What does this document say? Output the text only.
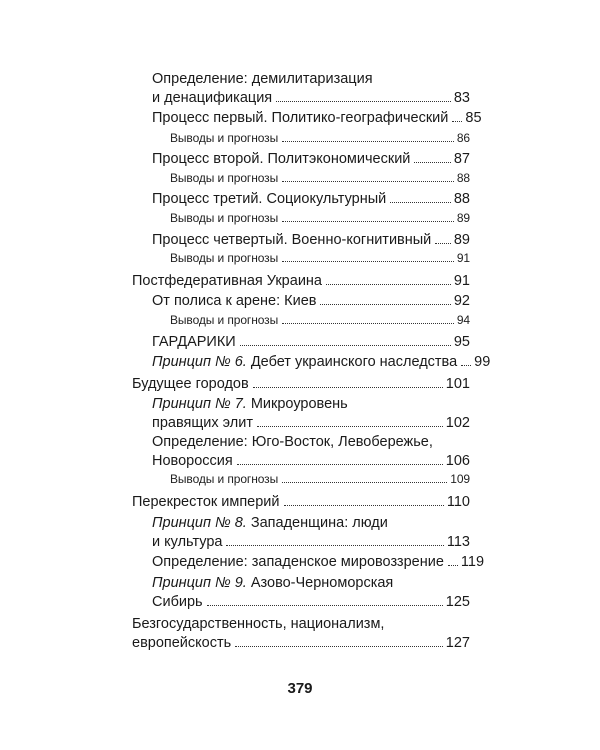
Определение: демилитаризация
и денацификация	83
Процесс первый. Политико-географический 85
Выводы и прогнозы	86
Процесс второй. Политэкономический	87
Выводы и прогнозы	88
Процесс третий. Социокультурный	88
Выводы и прогнозы	89
Процесс четвертый. Военно-когнитивный 89
Выводы и прогнозы	91
Постфедеративная Украина	91
От полиса к арене: Киев	92
Выводы и прогнозы	94
ГАРДАРИКИ	95
Принцип № 6. Дебет украинского наследства 99
Будущее городов	101
Принцип № 7. Микроуровень
правящих элит	102
Определение: Юго-Восток, Левобережье,
Новороссия	106
Выводы и прогнозы	109
Перекресток империй	110
Принцип № 8. Западенщина: люди
и культура	113
Определение: западенское мировоззрение 119
Принцип № 9. Азово-Черноморская
Сибирь	125
Безгосударственность, национализм,
европейскость	127
379
